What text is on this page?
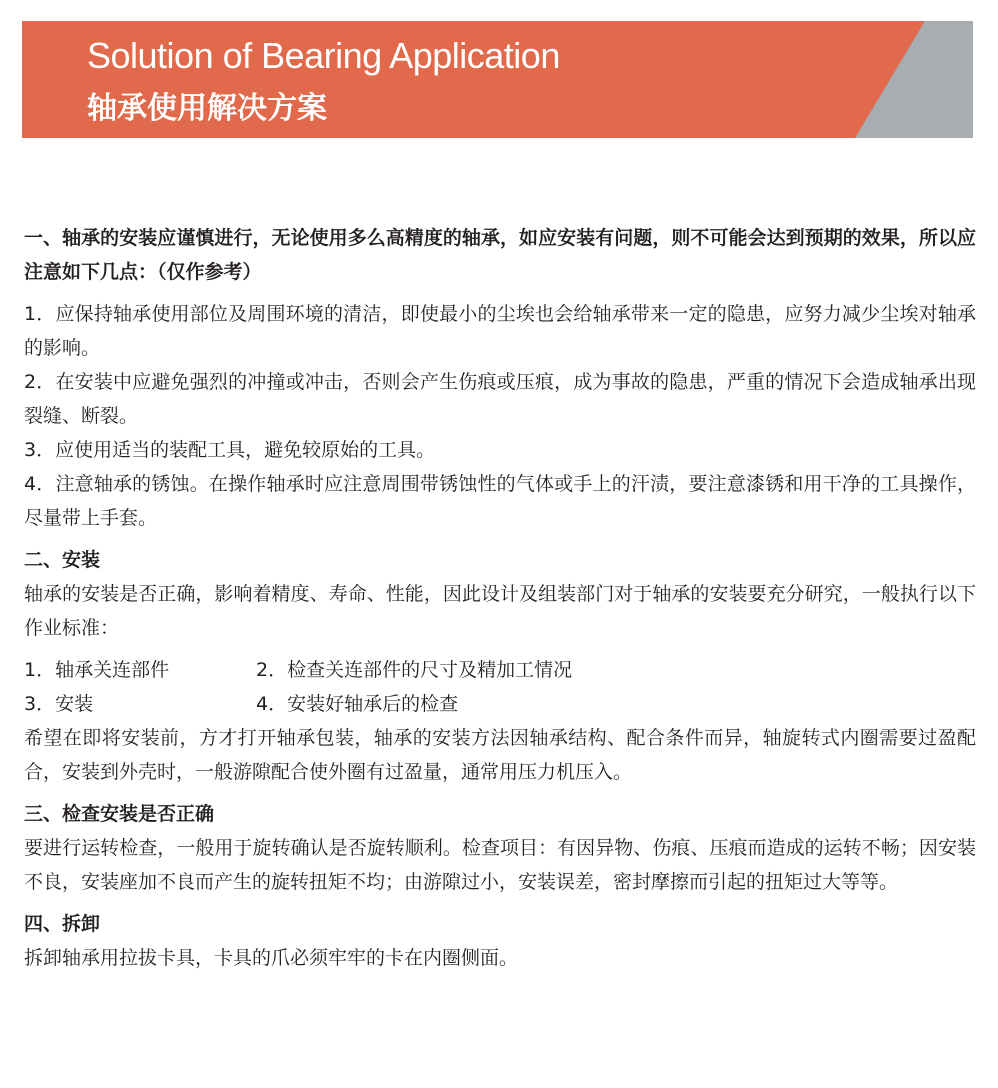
Solution of Bearing Application
轴承使用解决方案

一、轴承的安装应谨慎进行，无论使用多么高精度的轴承，如应安装有问题，则不可能会达到预期的效果，所以应注意如下几点：（仅作参考）

1．应保持轴承使用部位及周围环境的清洁，即使最小的尘埃也会给轴承带来一定的隐患，应努力减少尘埃对轴承的影响。

2．在安装中应避免强烈的冲撞或冲击，否则会产生伤痕或压痕，成为事故的隐患，严重的情况下会造成轴承出现裂缝、断裂。

3．应使用适当的装配工具，避免较原始的工具。

4．注意轴承的锈蚀。在操作轴承时应注意周围带锈蚀性的气体或手上的汗渍，要注意漆锈和用干净的工具操作，尽量带上手套。

二、安装

轴承的安装是否正确，影响着精度、寿命、性能，因此设计及组装部门对于轴承的安装要充分研究，一般执行以下作业标准：

1．轴承关连部件	2．检查关连部件的尺寸及精加工情况
3．安装	4．安装好轴承后的检查

希望在即将安装前，方才打开轴承包装，轴承的安装方法因轴承结构、配合条件而异，轴旋转式内圈需要过盈配合，安装到外壳时，一般游隙配合使外圈有过盈量，通常用压力机压入。

三、检查安装是否正确

要进行运转检查，一般用于旋转确认是否旋转顺利。检查项目：有因异物、伤痕、压痕而造成的运转不畅；因安装不良，安装座加不良而产生的旋转扭矩不均；由游隙过小，安装误差，密封摩擦而引起的扭矩过大等等。

四、拆卸

拆卸轴承用拉拔卡具，卡具的爪必须牢牢的卡在内圈侧面。
